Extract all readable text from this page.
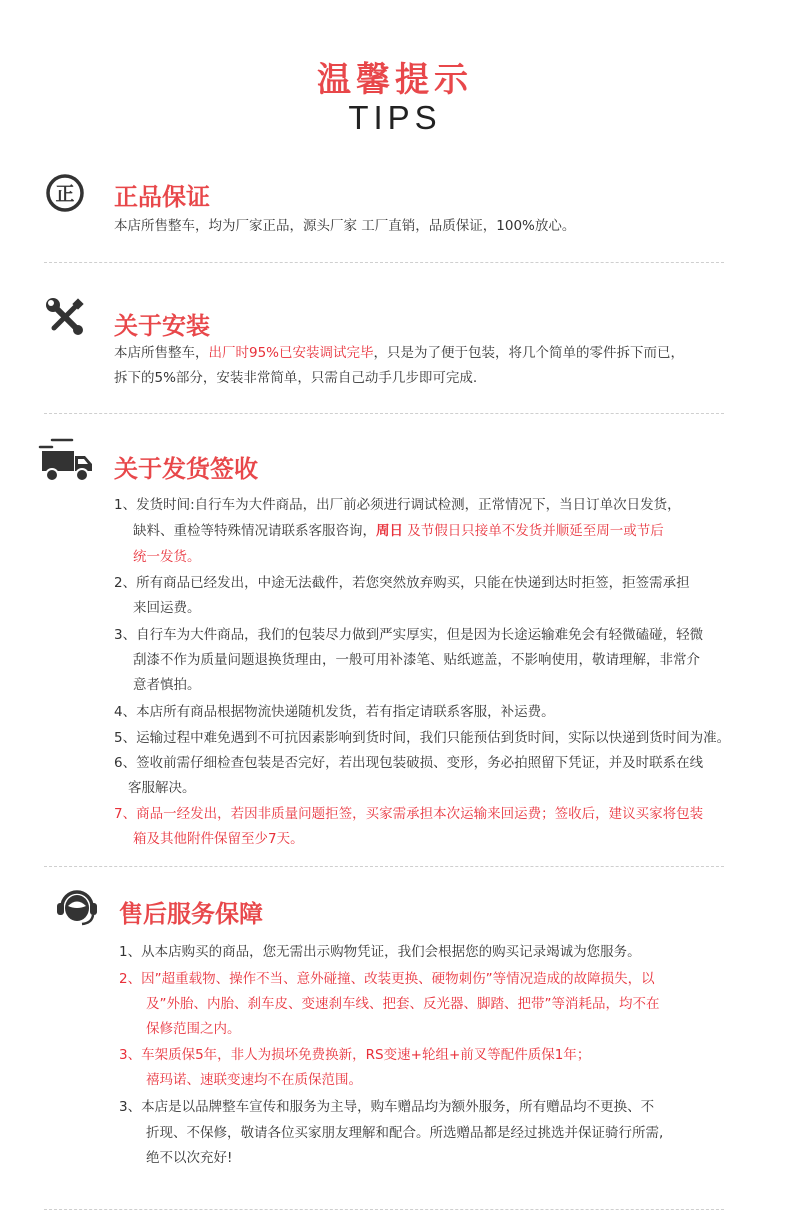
温馨提示
TIPS
正 正品保证
本店所售整车，均为厂家正品，源头厂家 工厂直销，品质保证，100%放心。
关于安装
本店所售整车，出厂时95%已安装调试完毕，只是为了便于包装，将几个简单的零件拆下而已，
拆下的5%部分，安装非常简单，只需自己动手几步即可完成.
关于发货签收
1、发货时间:自行车为大件商品，出厂前必须进行调试检测，正常情况下，当日订单次日发货，
缺料、重检等特殊情况请联系客服咨询，周日 及节假日只接单不发货并顺延至周一或节后
统一发货。
2、所有商品已经发出，中途无法截件，若您突然放弃购买，只能在快递到达时拒签，拒签需承担
来回运费。
3、自行车为大件商品，我们的包装尽力做到严实厚实，但是因为长途运输难免会有轻微磕碰，轻微
刮漆不作为质量问题退换货理由，一般可用补漆笔、贴纸遮盖，不影响使用，敬请理解，非常介
意者慎拍。
4、本店所有商品根据物流快递随机发货，若有指定请联系客服，补运费。
5、运输过程中难免遇到不可抗因素影响到货时间，我们只能预估到货时间，实际以快递到货时间为准。
6、签收前需仔细检查包装是否完好，若出现包装破损、变形，务必拍照留下凭证，并及时联系在线
客服解决。
7、商品一经发出，若因非质量问题拒签，买家需承担本次运输来回运费；签收后，建议买家将包装
箱及其他附件保留至少7天。
售后服务保障
1、从本店购买的商品，您无需出示购物凭证，我们会根据您的购买记录竭诚为您服务。
2、因”超重载物、操作不当、意外碰撞、改装更换、硬物刺伤”等情况造成的故障损失，以
及”外胎、内胎、刹车皮、变速刹车线、把套、反光器、脚踏、把带”等消耗品，均不在
保修范围之内。
3、车架质保5年，非人为损坏免费换新，RS变速+轮组+前叉等配件质保1年；
禧玛诺、速联变速均不在质保范围。
3、本店是以品牌整车宣传和服务为主导，购车赠品均为额外服务，所有赠品均不更换、不
折现、不保修，敬请各位买家朋友理解和配合。所选赠品都是经过挑选并保证骑行所需,
绝不以次充好!
